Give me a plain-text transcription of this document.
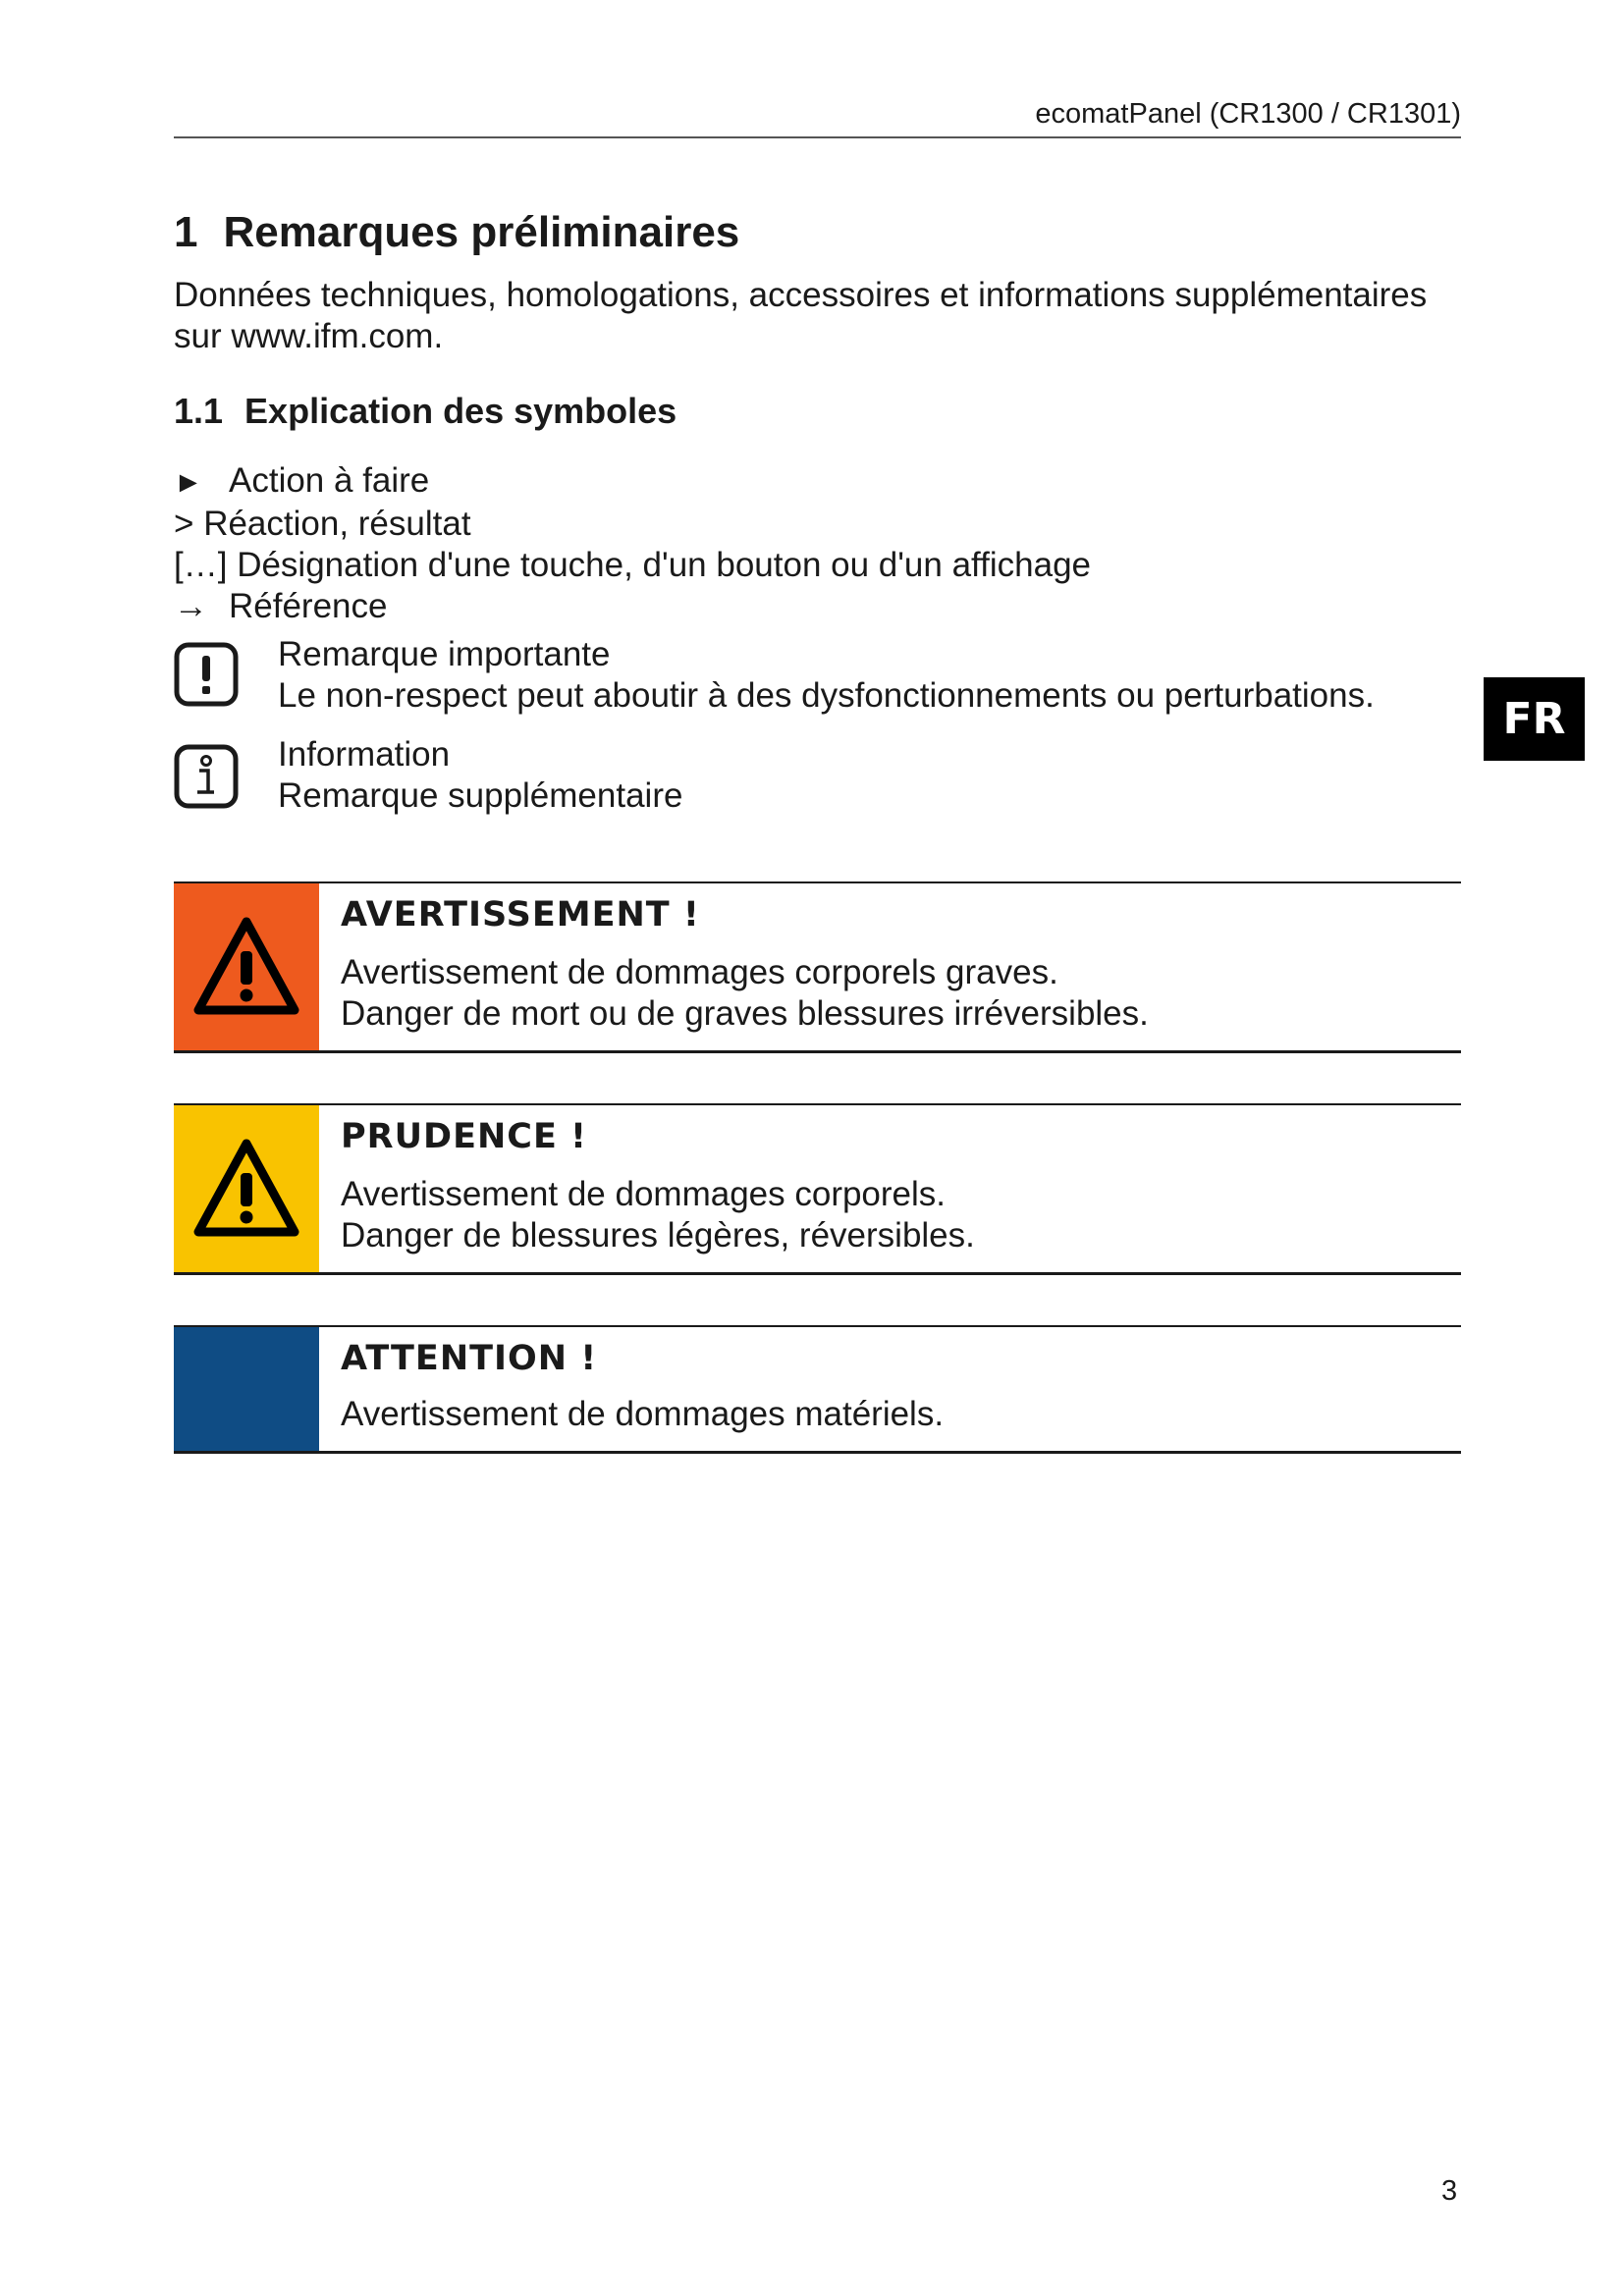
ecomatPanel (CR1300 / CR1301)
1 Remarques préliminaires
Données techniques, homologations, accessoires et informations supplémentaires sur www.ifm.com.
1.1 Explication des symboles
► Action à faire
> Réaction, résultat
[…] Désignation d'une touche, d'un bouton ou d'un affichage
→ Référence
Remarque importante
Le non-respect peut aboutir à des dysfonctionnements ou perturbations.
Information
Remarque supplémentaire
FR
AVERTISSEMENT !
Avertissement de dommages corporels graves.
Danger de mort ou de graves blessures irréversibles.
PRUDENCE !
Avertissement de dommages corporels.
Danger de blessures légères, réversibles.
ATTENTION !
Avertissement de dommages matériels.
3
